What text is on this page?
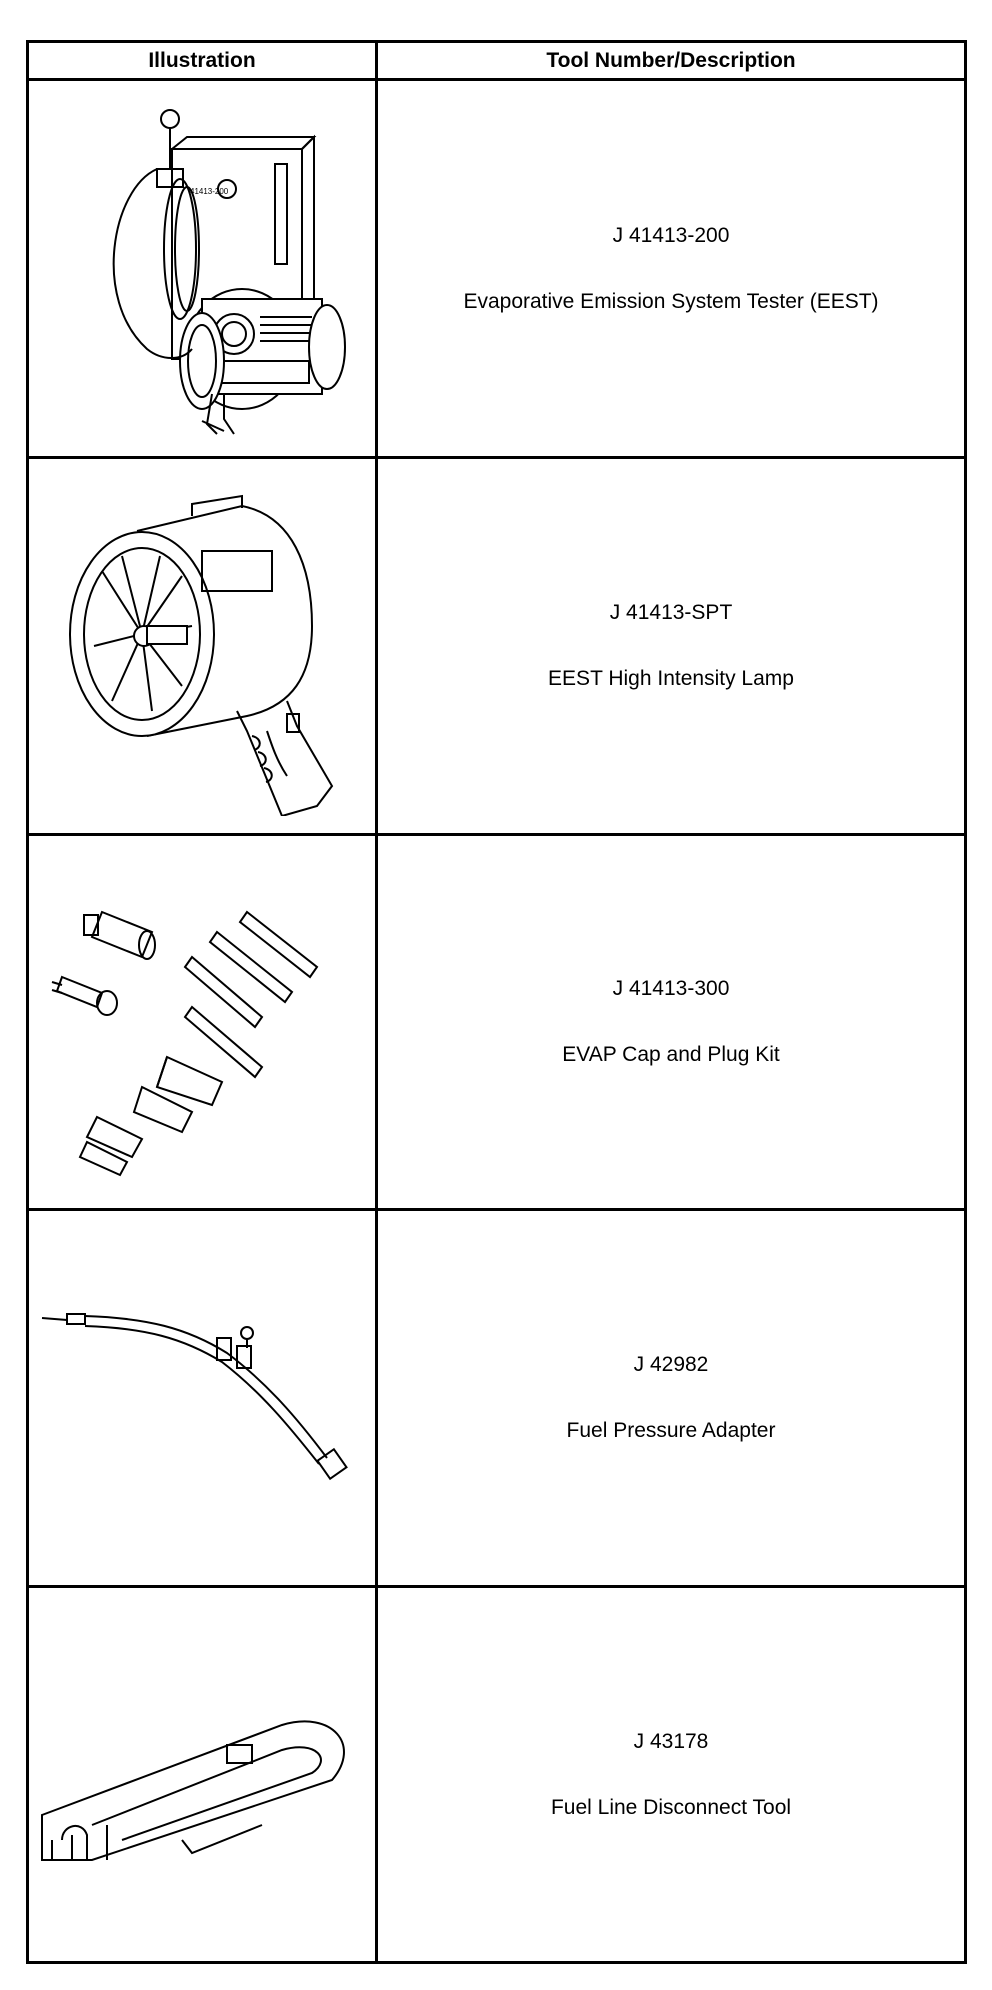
Illustration	Tool Number/Description
41413-200
J 41413-200
Evaporative Emission System Tester (EEST)
J 41413-SPT
EEST High Intensity Lamp
J 41413-300
EVAP Cap and Plug Kit
J 42982
Fuel Pressure Adapter
J 43178
Fuel Line Disconnect Tool
